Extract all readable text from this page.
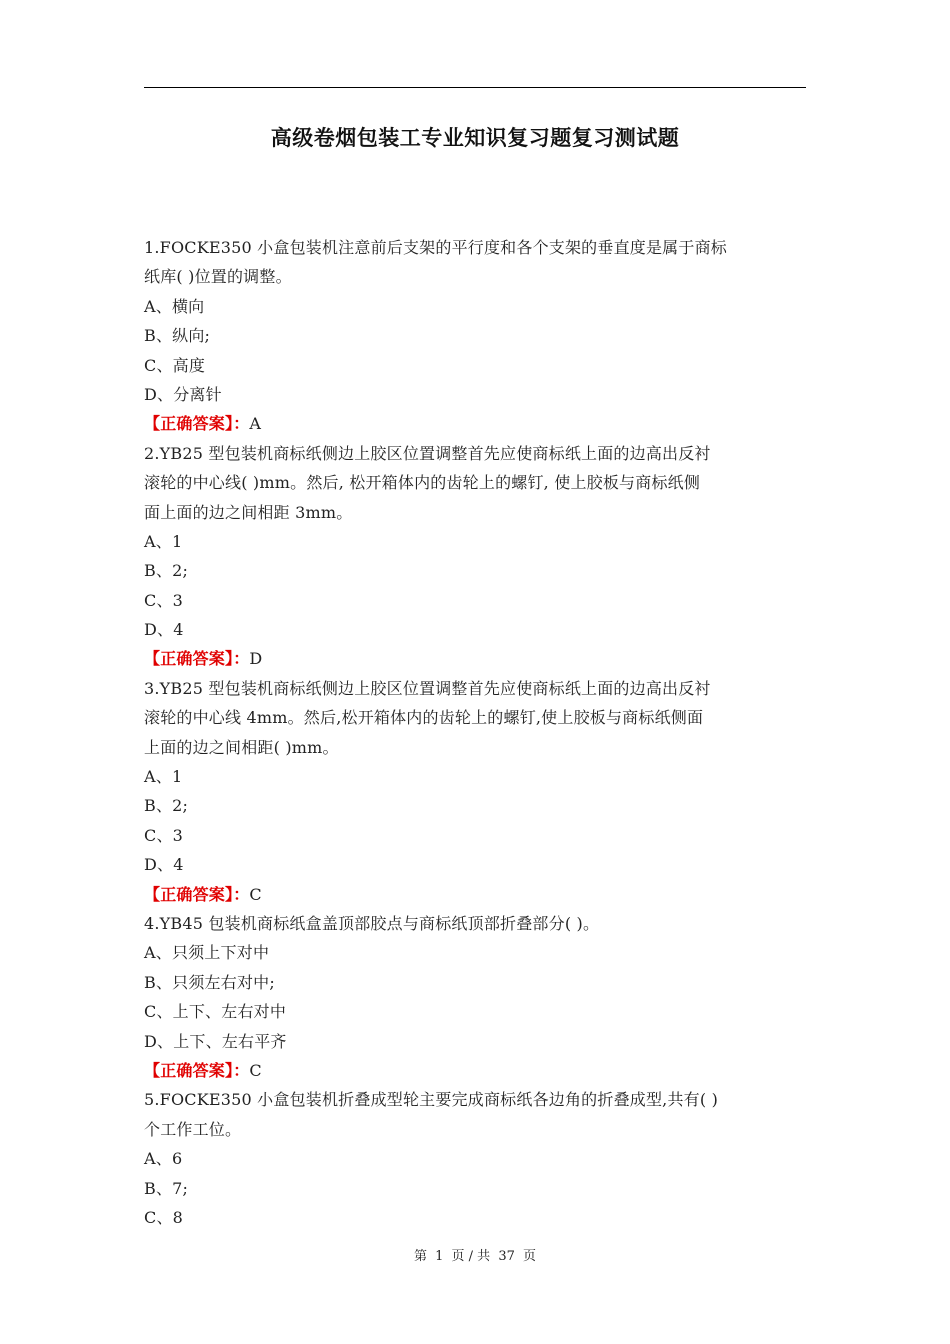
高级卷烟包装工专业知识复习题复习测试题
1.FOCKE350 小盒包装机注意前后支架的平行度和各个支架的垂直度是属于商标
纸库( )位置的调整。
A、横向
B、纵向;
C、高度
D、分离针
【正确答案】：A
2.YB25 型包装机商标纸侧边上胶区位置调整首先应使商标纸上面的边高出反衬
滚轮的中心线( )mm。然后, 松开箱体内的齿轮上的螺钉, 使上胶板与商标纸侧
面上面的边之间相距 3mm。
A、1
B、2;
C、3
D、4
【正确答案】：D
3.YB25 型包装机商标纸侧边上胶区位置调整首先应使商标纸上面的边高出反衬
滚轮的中心线 4mm。然后,松开箱体内的齿轮上的螺钉,使上胶板与商标纸侧面
上面的边之间相距( )mm。
A、1
B、2;
C、3
D、4
【正确答案】：C
4.YB45 包装机商标纸盒盖顶部胶点与商标纸顶部折叠部分( )。
A、只须上下对中
B、只须左右对中;
C、上下、左右对中
D、上下、左右平齐
【正确答案】：C
5.FOCKE350 小盒包装机折叠成型轮主要完成商标纸各边角的折叠成型,共有( )
个工作工位。
A、6
B、7;
C、8
第 1 页 / 共 37 页
